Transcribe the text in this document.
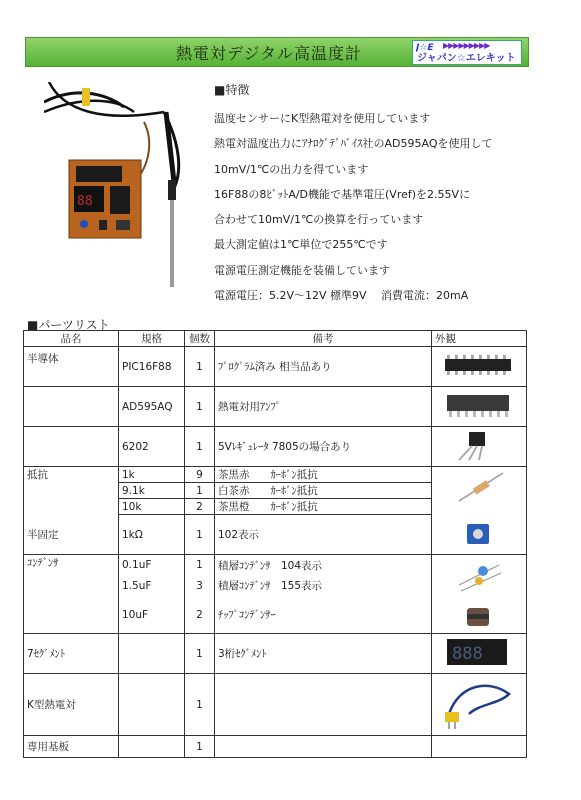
熱電対デジタル高温度計	▶▶▶▶▶▶▶▶▶
J☆E
ジャパン☆エレキット
88
■特徴
温度センサーにK型熱電対を使用しています
熱電対温度出力にｱﾅﾛｸﾞﾃﾞﾊﾞｲｽ社のAD595AQを使用して
10mV/1℃の出力を得ています
16F88の8ﾋﾞｯﾄA/D機能で基準電圧(Vref)を2.55Vに
合わせて10mV/1℃の換算を行っています
最大測定値は1℃単位で255℃です
電源電圧測定機能を装備しています
電源電圧：5.2V～12V 標準9V　 消費電流：20mA
■パーツリスト
品名	規格	個数	備考	外観
半導体	PIC16F88	1	ﾌﾟﾛｸﾞﾗﾑ済み 相当品あり	
	AD595AQ	1	熱電対用ｱﾝﾌﾟ	
	6202	1	5Vﾚｷﾞｭﾚｰﾀ 7805の場合あり	
抵抗	1k	9	茶黒赤　　ｶｰﾎﾞﾝ抵抗	
	9.1k	1	白茶赤　　ｶｰﾎﾞﾝ抵抗	
	10k	2	茶黒橙　　ｶｰﾎﾞﾝ抵抗	
半固定	1kΩ	1	102表示	
ｺﾝﾃﾞﾝｻ	0.1uF	1	積層ｺﾝﾃﾞﾝｻ　104表示	
	1.5uF	3	積層ｺﾝﾃﾞﾝｻ　155表示	
	10uF	2	ﾁｯﾌﾟｺﾝﾃﾞﾝｻｰ	
7ｾｸﾞﾒﾝﾄ		1	3桁ｾｸﾞﾒﾝﾄ	888

K型熱電対		1		
専用基板		1		
